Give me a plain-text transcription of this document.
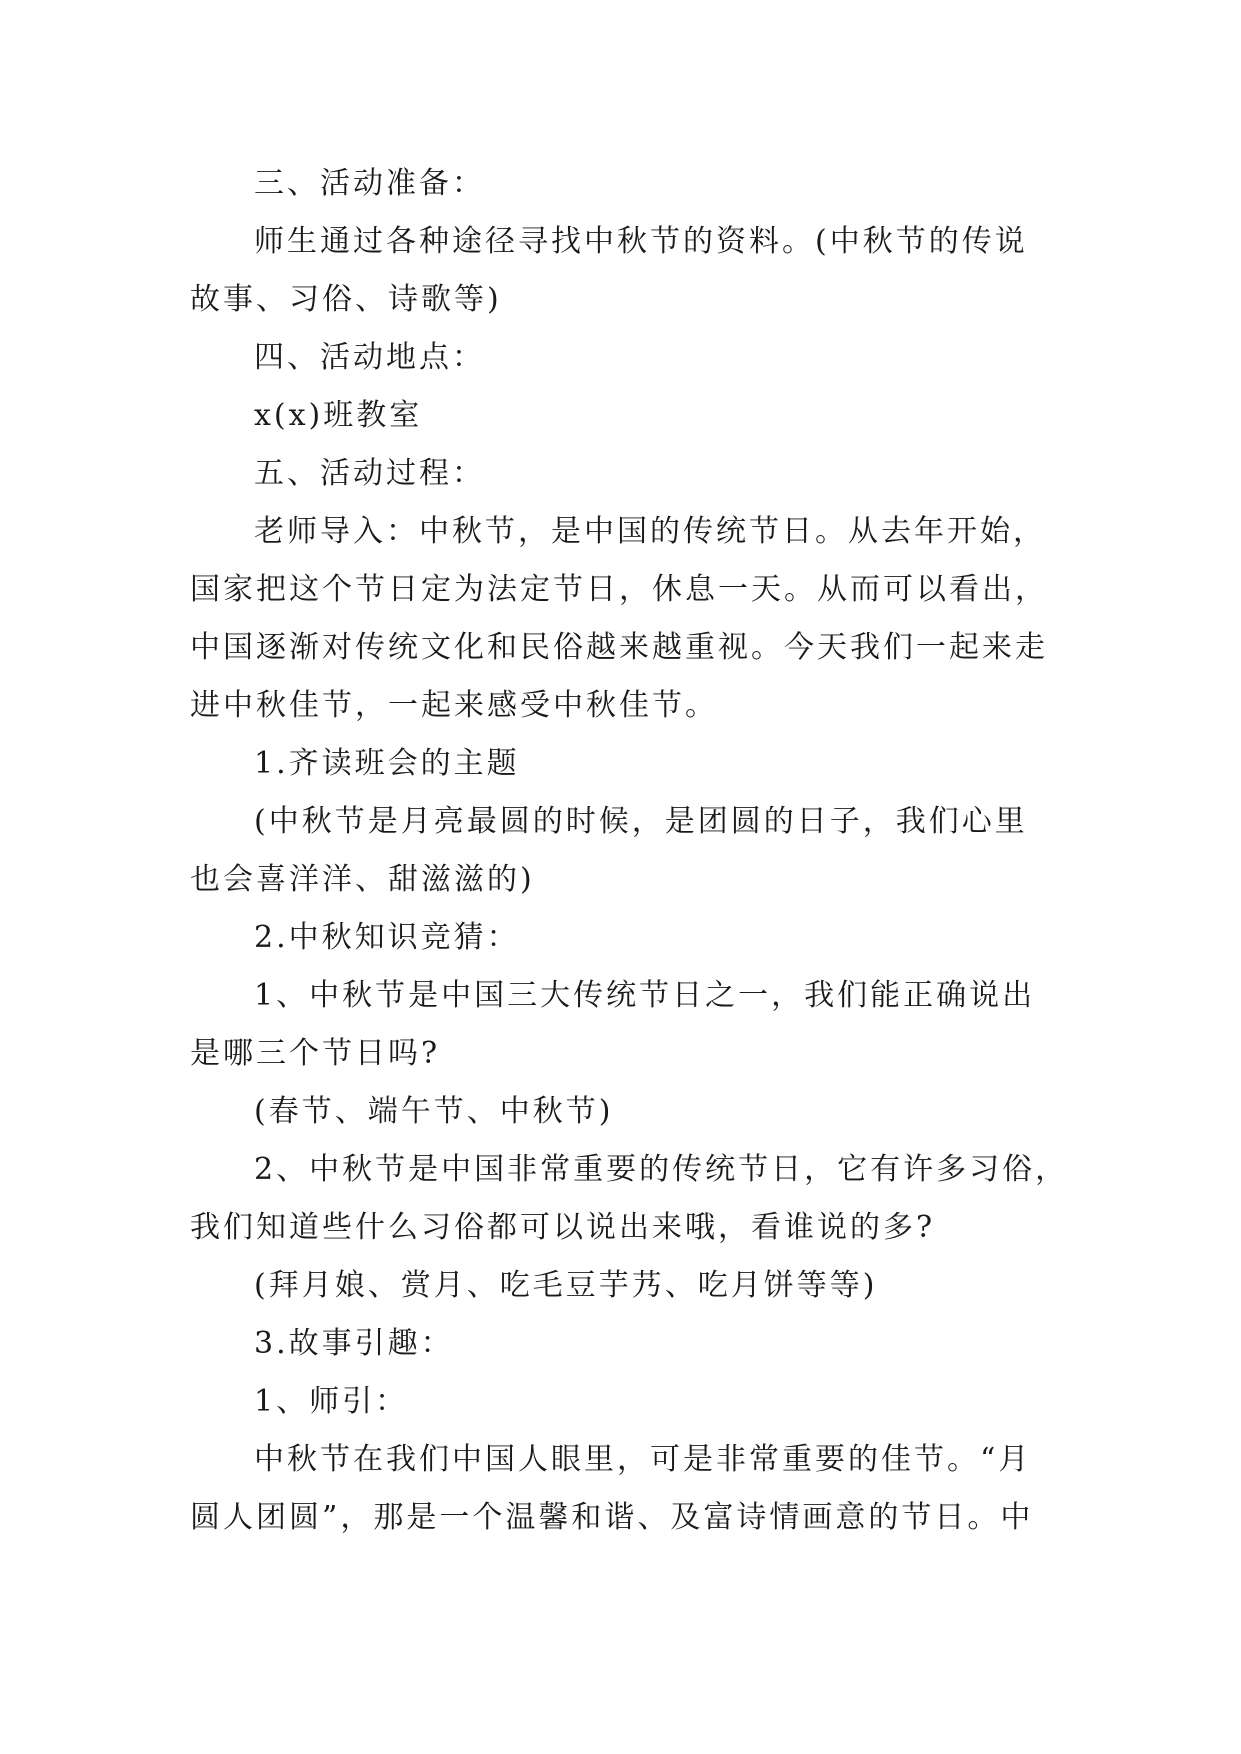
三、活动准备：
师生通过各种途径寻找中秋节的资料。(中秋节的传说
故事、习俗、诗歌等)
四、活动地点：
x(x)班教室
五、活动过程：
老师导入：中秋节，是中国的传统节日。从去年开始，
国家把这个节日定为法定节日，休息一天。从而可以看出，
中国逐渐对传统文化和民俗越来越重视。今天我们一起来走
进中秋佳节，一起来感受中秋佳节。
1.齐读班会的主题
(中秋节是月亮最圆的时候，是团圆的日子，我们心里
也会喜洋洋、甜滋滋的)
2.中秋知识竞猜：
1、中秋节是中国三大传统节日之一，我们能正确说出
是哪三个节日吗?
(春节、端午节、中秋节)
2、中秋节是中国非常重要的传统节日，它有许多习俗，
我们知道些什么习俗都可以说出来哦，看谁说的多?
(拜月娘、赏月、吃毛豆芋艿、吃月饼等等)
3.故事引趣：
1、师引：
中秋节在我们中国人眼里，可是非常重要的佳节。“月
圆人团圆”，那是一个温馨和谐、及富诗情画意的节日。中
